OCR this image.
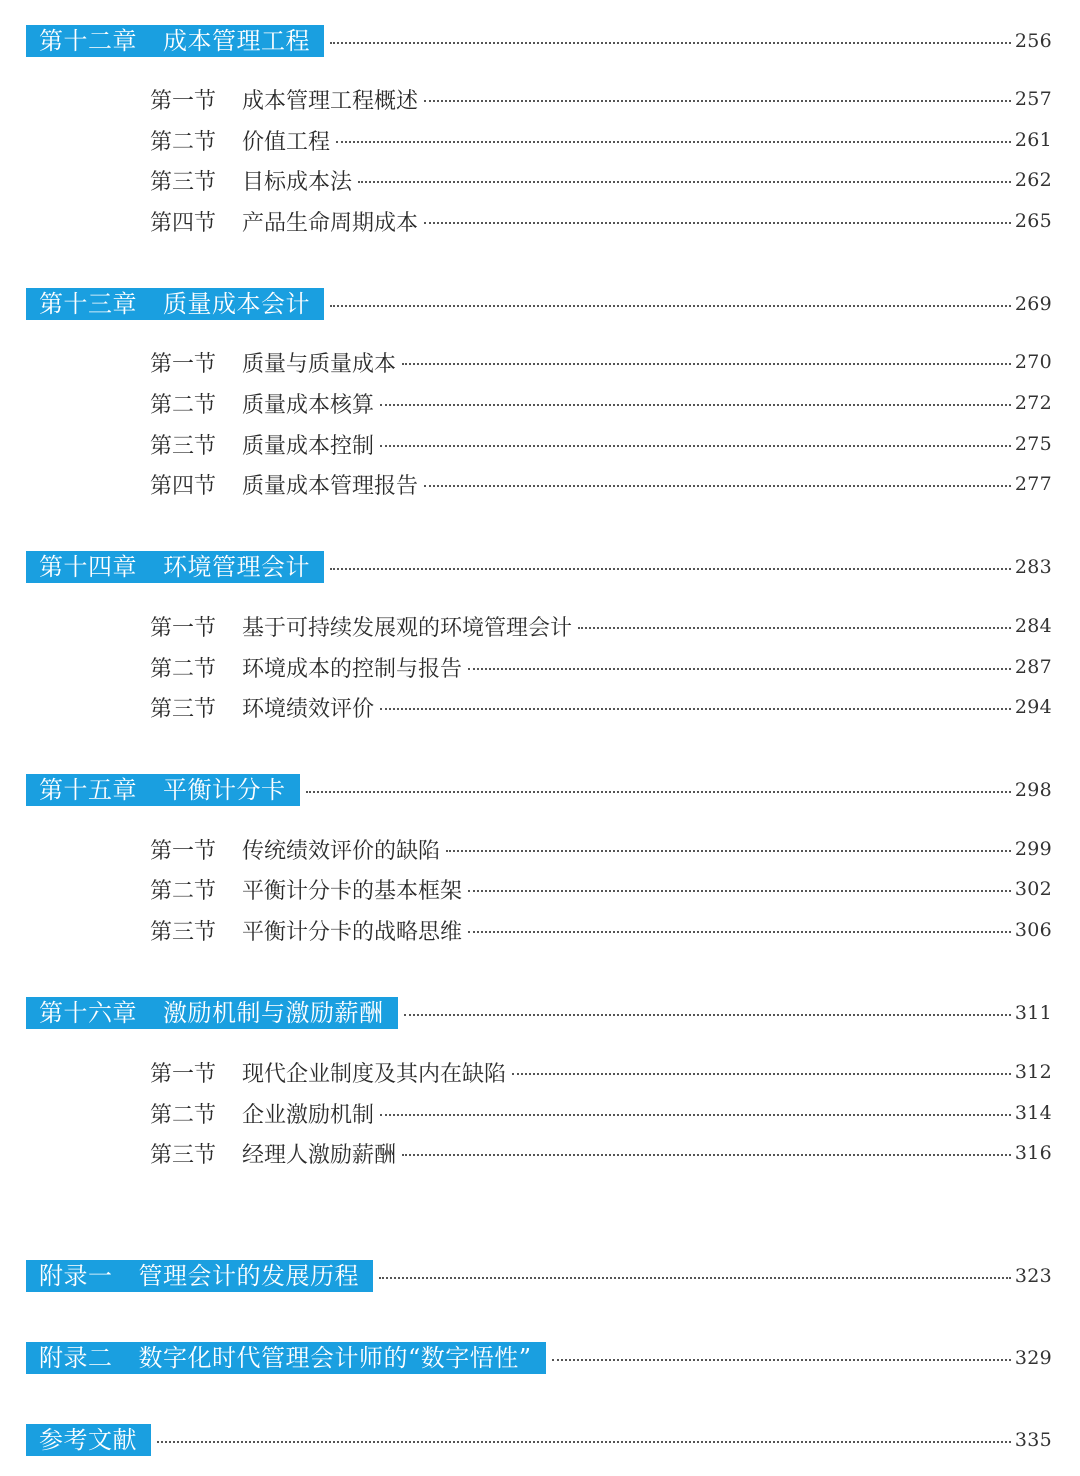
第十二章 成本管理工程	256
第一节 成本管理工程概述	257
第二节 价值工程	261
第三节 目标成本法	262
第四节 产品生命周期成本	265
第十三章 质量成本会计	269
第一节 质量与质量成本	270
第二节 质量成本核算	272
第三节 质量成本控制	275
第四节 质量成本管理报告	277
第十四章 环境管理会计	283
第一节 基于可持续发展观的环境管理会计	284
第二节 环境成本的控制与报告	287
第三节 环境绩效评价	294
第十五章 平衡计分卡	298
第一节 传统绩效评价的缺陷	299
第二节 平衡计分卡的基本框架	302
第三节 平衡计分卡的战略思维	306
第十六章 激励机制与激励薪酬	311
第一节 现代企业制度及其内在缺陷	312
第二节 企业激励机制	314
第三节 经理人激励薪酬	316
附录一 管理会计的发展历程	323
附录二 数字化时代管理会计师的“数字悟性”	329
参考文献	335
